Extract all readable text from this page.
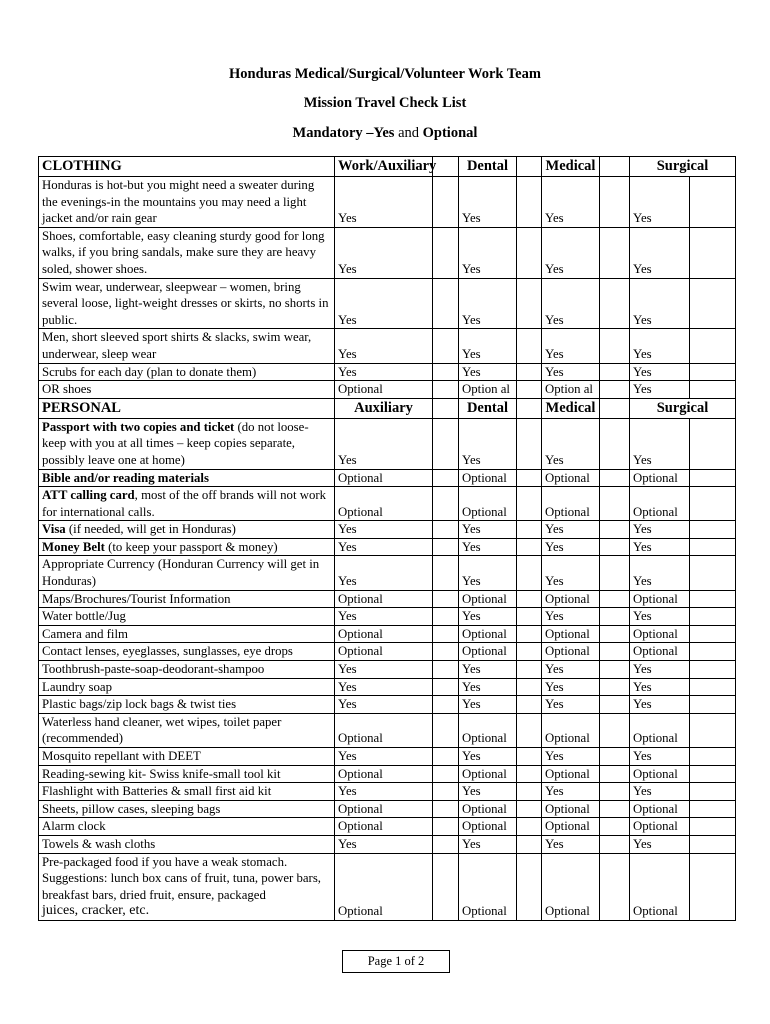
Honduras Medical/Surgical/Volunteer Work Team
Mission Travel Check List
Mandatory –Yes and Optional
CLOTHING	Work/Auxiliary		Dental		Medical		Surgical	
Honduras is hot-but you might need a sweater during the evenings-in the mountains you may need a light jacket and/or rain gear	Yes		Yes		Yes		Yes	
Shoes, comfortable, easy cleaning sturdy good for long walks, if you bring sandals, make sure they are heavy soled, shower shoes.	Yes		Yes		Yes		Yes	
Swim wear, underwear, sleepwear – women, bring several loose, light-weight dresses or skirts, no shorts in public.	Yes		Yes		Yes		Yes	
Men, short sleeved sport shirts & slacks, swim wear, underwear, sleep wear	Yes		Yes		Yes		Yes	
Scrubs for each day (plan to donate them)	Yes		Yes		Yes		Yes	
OR shoes	Optional		Option al		Option al		Yes	
PERSONAL	Auxiliary		Dental		Medical		Surgical	
Passport with two copies and ticket (do not loose- keep with you at all times – keep copies separate, possibly leave one at home)	Yes		Yes		Yes		Yes	
Bible and/or reading materials	Optional		Optional		Optional		Optional	
ATT calling card, most of the off brands will not work for international calls.	Optional		Optional		Optional		Optional	
Visa (if needed, will get in Honduras)	Yes		Yes		Yes		Yes	
Money Belt (to keep your passport & money)	Yes		Yes		Yes		Yes	
Appropriate Currency (Honduran Currency will get in Honduras)	Yes		Yes		Yes		Yes	
Maps/Brochures/Tourist Information	Optional		Optional		Optional		Optional	
Water bottle/Jug	Yes		Yes		Yes		Yes	
Camera and film	Optional		Optional		Optional		Optional	
Contact lenses, eyeglasses, sunglasses, eye drops	Optional		Optional		Optional		Optional	
Toothbrush-paste-soap-deodorant-shampoo	Yes		Yes		Yes		Yes	
Laundry soap	Yes		Yes		Yes		Yes	
Plastic bags/zip lock bags & twist ties	Yes		Yes		Yes		Yes	
Waterless hand cleaner, wet wipes, toilet paper (recommended)	Optional		Optional		Optional		Optional	
Mosquito repellant with DEET	Yes		Yes		Yes		Yes	
Reading-sewing kit- Swiss knife-small tool kit	Optional		Optional		Optional		Optional	
Flashlight with Batteries & small first aid kit	Yes		Yes		Yes		Yes	
Sheets, pillow cases, sleeping bags	Optional		Optional		Optional		Optional	
Alarm clock	Optional		Optional		Optional		Optional	
Towels & wash cloths	Yes		Yes		Yes		Yes	
Pre-packaged food if you have a weak stomach. Suggestions: lunch box cans of fruit, tuna, power bars, breakfast bars, dried fruit, ensure, packaged
juices, cracker, etc.	Optional		Optional		Optional		Optional	
Page 1 of 2
